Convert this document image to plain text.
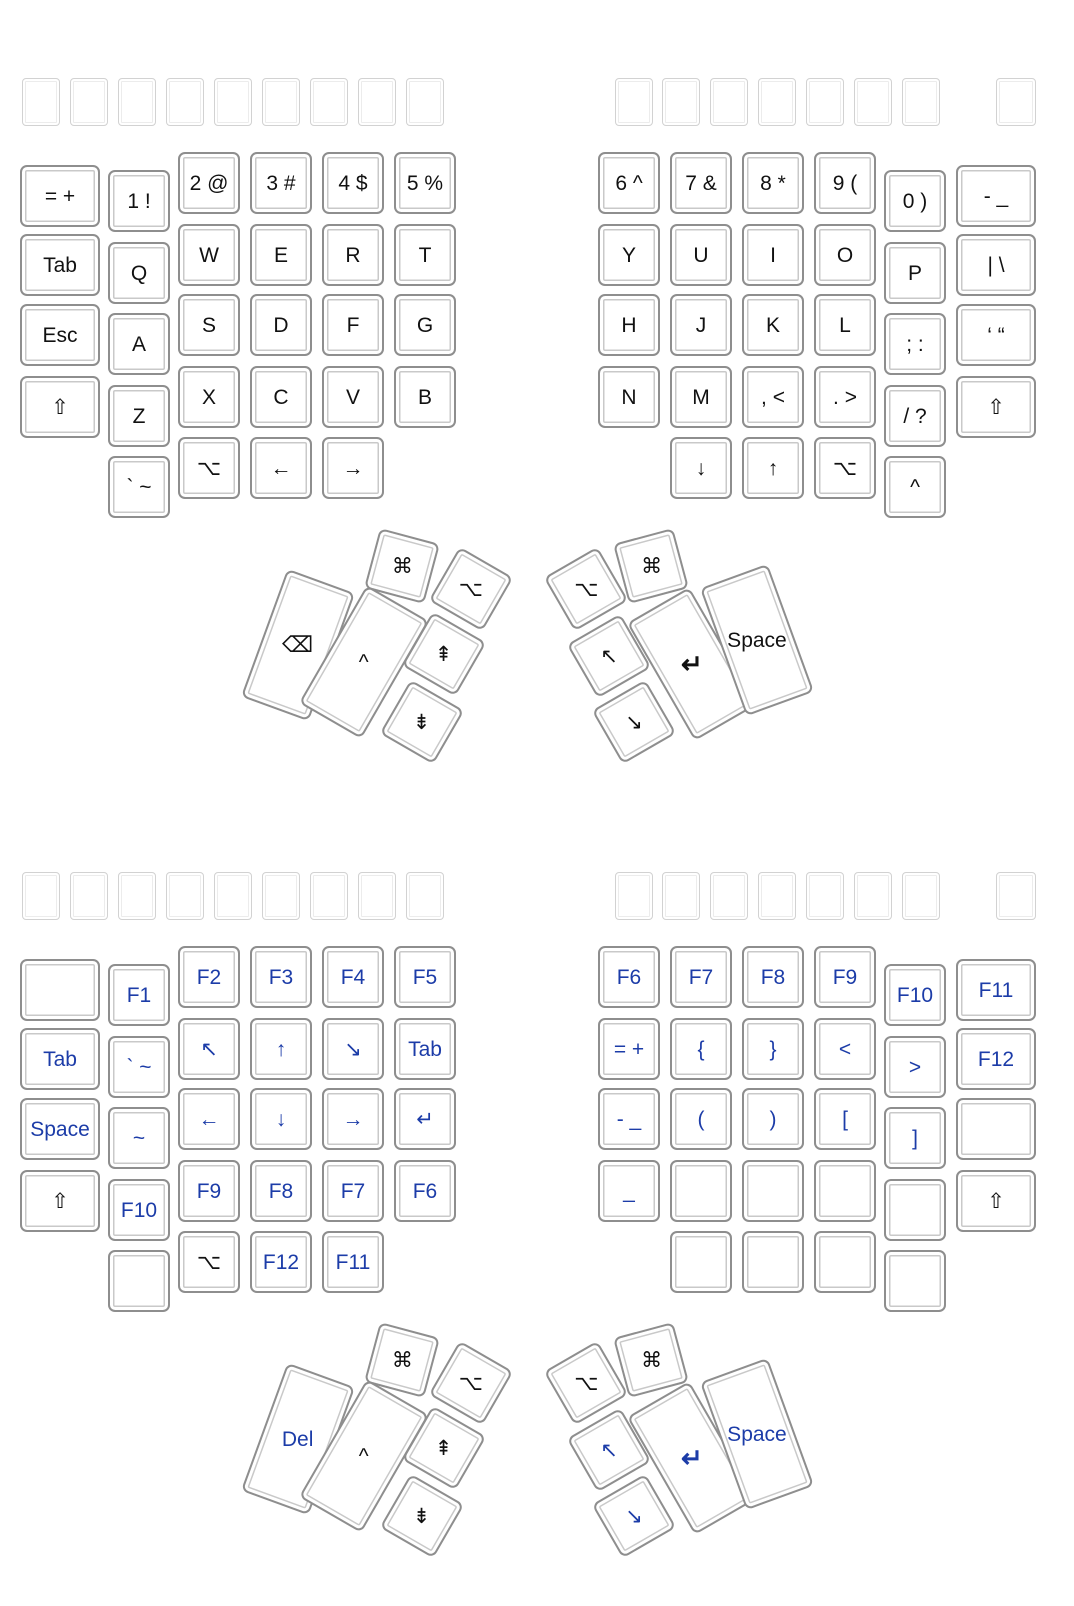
= +
Tab
Esc
⇧
1 !
Q
A
Z
` ~
2 @
W
S
X
⌥
3 #
E
D
C
←
4 $
R
F
V
→
5 %
T
G
B
6 ^
Y
H
N
7 &
U
J
M
↓
8 *
I
K
, <
↑
9 (
O
L
. >
⌥
0 )
P
; :
/ ?
^
- _
| \
‘ “
⇧
⌘
⌥
⇞
⇟
⌫
^
⌥
⌘
↖
↘
↵
Space
Tab
Space
⇧
F1
` ~
~
F10
F2
↖
←
F9
⌥
F3
↑
↓
F8
F12
F4
↘
→
F7
F11
F5
Tab
↵
F6
F6
= +
- _
_
F7
{
(
F8
}
)
F9
<
[
F10
>
]
F11
F12
⇧
⌘
⌥
⇞
⇟
Del
^
⌥
⌘
↖
↘
↵
Space
